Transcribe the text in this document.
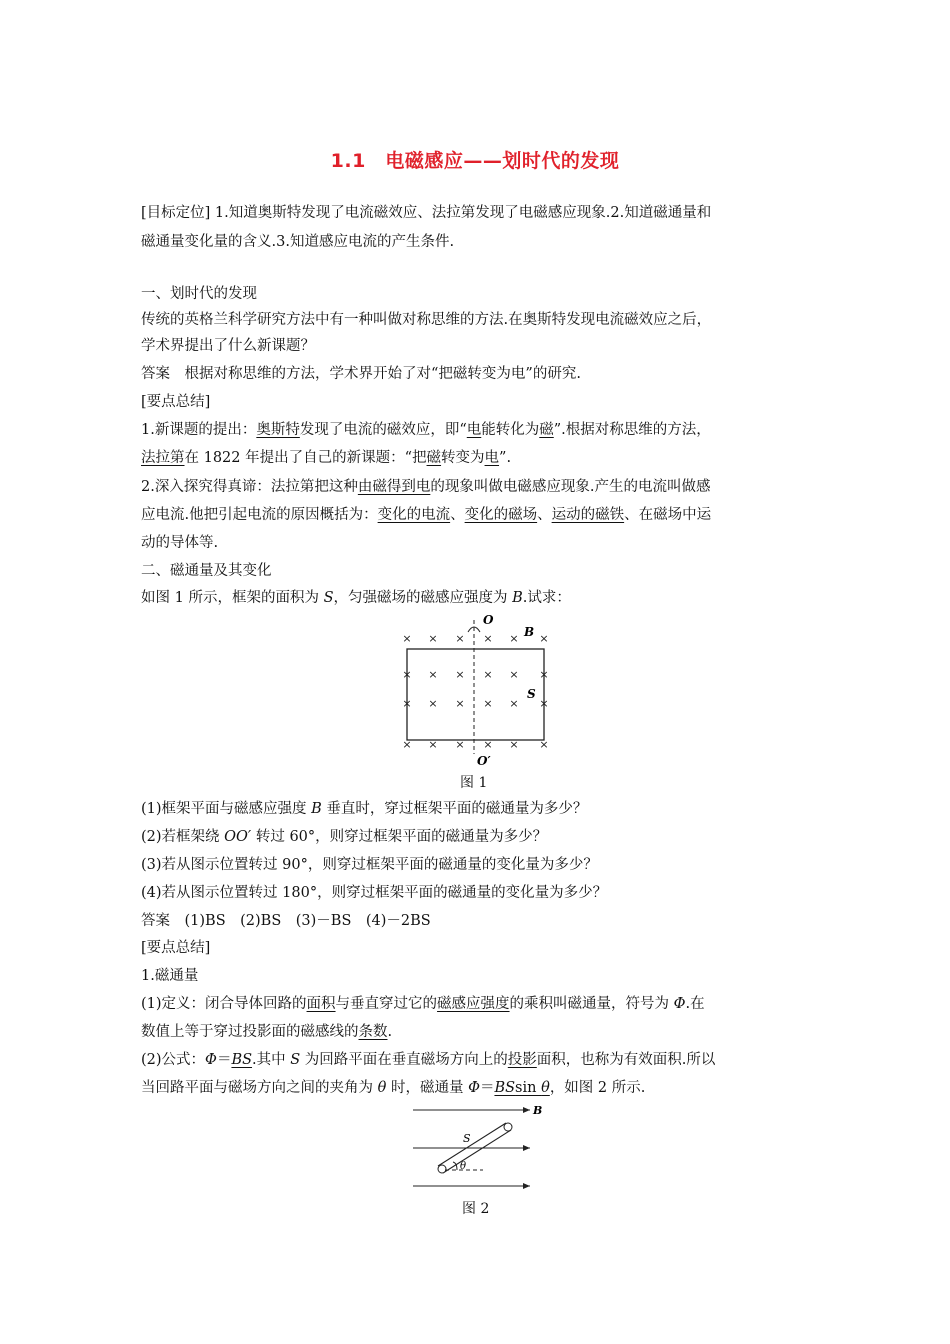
1.1　电磁感应——划时代的发现
[目标定位] 1.知道奥斯特发现了电流磁效应、法拉第发现了电磁感应现象.2.知道磁通量和
磁通量变化量的含义.3.知道感应电流的产生条件.
一、划时代的发现
传统的英格兰科学研究方法中有一种叫做对称思维的方法.在奥斯特发现电流磁效应之后，
学术界提出了什么新课题？
答案　根据对称思维的方法，学术界开始了对“把磁转变为电”的研究.
[要点总结]
1.新课题的提出：奥斯特发现了电流的磁效应，即“电能转化为磁”.根据对称思维的方法，
法拉第在 1822 年提出了自己的新课题：“把磁转变为电”.
2.深入探究得真谛：法拉第把这种由磁得到电的现象叫做电磁感应现象.产生的电流叫做感
应电流.他把引起电流的原因概括为：变化的电流、变化的磁场、运动的磁铁、在磁场中运
动的导体等.
二、磁通量及其变化
如图 1 所示，框架的面积为 S，匀强磁场的磁感应强度为 B.试求：
× × × × × ×
× × × × × ×
× × × × × ×
× × × × × ×
O
B
S
O′
图 1
(1)框架平面与磁感应强度 B 垂直时，穿过框架平面的磁通量为多少？
(2)若框架绕 OO′ 转过 60°，则穿过框架平面的磁通量为多少？
(3)若从图示位置转过 90°，则穿过框架平面的磁通量的变化量为多少？
(4)若从图示位置转过 180°，则穿过框架平面的磁通量的变化量为多少？
答案　(1)BS　(2)BS　(3)－BS　(4)－2BS
[要点总结]
1.磁通量
(1)定义：闭合导体回路的面积与垂直穿过它的磁感应强度的乘积叫磁通量，符号为 Φ.在
数值上等于穿过投影面的磁感线的条数.
(2)公式：Φ＝BS.其中 S 为回路平面在垂直磁场方向上的投影面积，也称为有效面积.所以
当回路平面与磁场方向之间的夹角为 θ 时，磁通量 Φ＝BSsin θ，如图 2 所示.
B
S
θ
图 2
